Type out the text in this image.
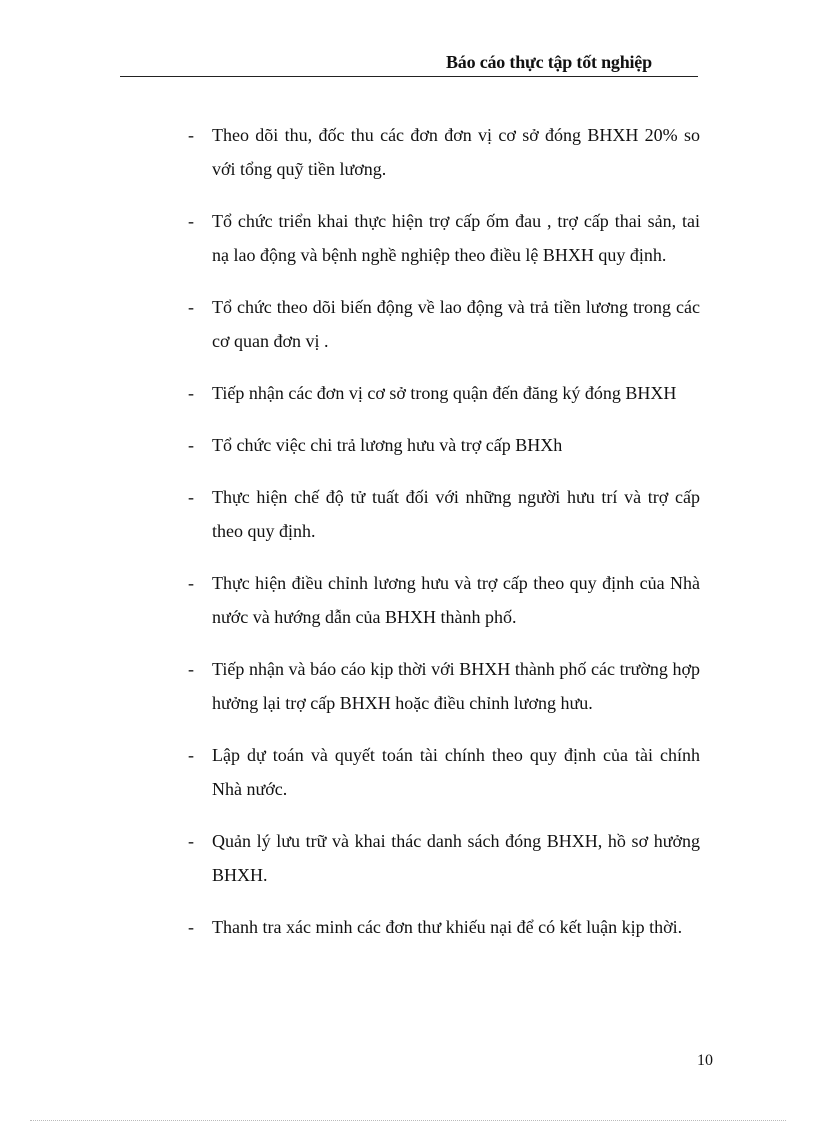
Báo cáo thực tập tốt nghiệp
- Theo dõi thu, đốc thu các đơn đơn vị cơ sở đóng BHXH 20% so với tổng quỹ tiền lương.
- Tổ chức triển khai thực hiện trợ cấp ốm đau , trợ cấp thai sản, tai nạ lao động và bệnh nghề nghiệp theo điều lệ BHXH quy định.
- Tổ chức theo dõi biến động về lao động và trả tiền lương trong các cơ quan đơn vị .
- Tiếp nhận các đơn vị cơ sở trong quận đến đăng ký đóng BHXH
- Tổ chức việc chi trả lương hưu và trợ cấp BHXh
- Thực hiện chế độ tử tuất đối với những người hưu trí và trợ cấp theo quy định.
- Thực hiện điều chỉnh lương hưu và trợ cấp theo quy định của Nhà nước và hướng dẫn của BHXH thành phố.
- Tiếp nhận và báo cáo kịp thời với BHXH thành phố các trường hợp hưởng lại trợ cấp BHXH hoặc điều chỉnh lương hưu.
- Lập dự toán và quyết toán tài chính theo quy định của tài chính Nhà nước.
- Quản lý lưu trữ và khai thác danh sách đóng BHXH, hồ sơ hưởng BHXH.
- Thanh tra xác minh các đơn thư khiếu nại để có kết luận kịp thời.
10
